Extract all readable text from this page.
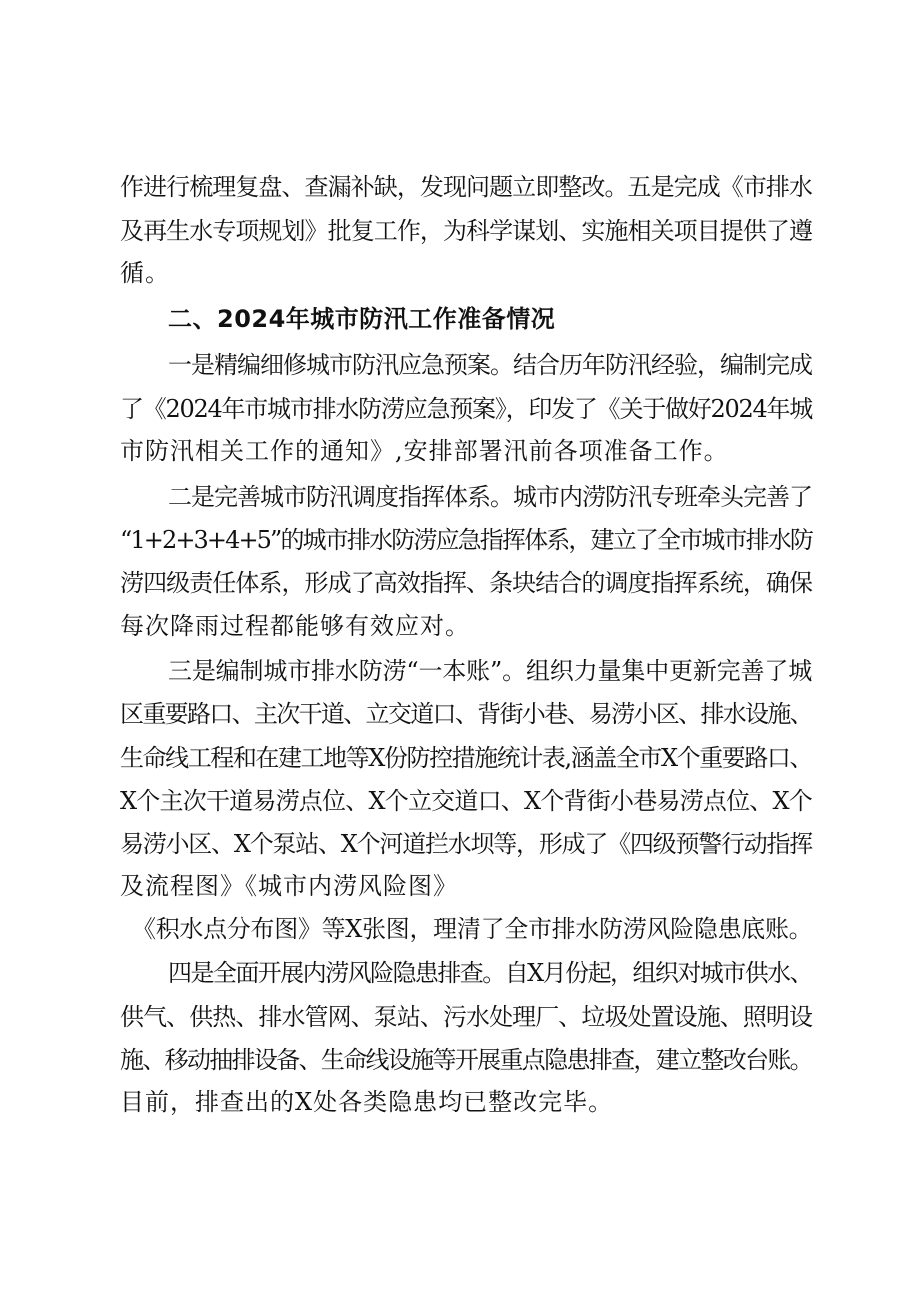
作进行梳理复盘、查漏补缺，发现问题立即整改。五是完成《市排水
及再生水专项规划》批复工作，为科学谋划、实施相关项目提供了遵
循。
二、2024年城市防汛工作准备情况
一是精编细修城市防汛应急预案。结合历年防汛经验，编制完成
了《2024年市城市排水防涝应急预案》，印发了《关于做好2024年城
市防汛相关工作的通知》,安排部署汛前各项准备工作。
二是完善城市防汛调度指挥体系。城市内涝防汛专班牵头完善了
“1+2+3+4+5”的城市排水防涝应急指挥体系，建立了全市城市排水防
涝四级责任体系，形成了高效指挥、条块结合的调度指挥系统，确保
每次降雨过程都能够有效应对。
三是编制城市排水防涝“一本账”。组织力量集中更新完善了城
区重要路口、主次干道、立交道口、背街小巷、易涝小区、排水设施、
生命线工程和在建工地等X份防控措施统计表,涵盖全市X个重要路口、
X个主次干道易涝点位、X个立交道口、X个背街小巷易涝点位、X个
易涝小区、X个泵站、X个河道拦水坝等，形成了《四级预警行动指挥
及流程图》《城市内涝风险图》
《积水点分布图》等X张图，理清了全市排水防涝风险隐患底账。
四是全面开展内涝风险隐患排查。自X月份起，组织对城市供水、
供气、供热、排水管网、泵站、污水处理厂、垃圾处置设施、照明设
施、移动抽排设备、生命线设施等开展重点隐患排查，建立整改台账。
目前，排查出的X处各类隐患均已整改完毕。
